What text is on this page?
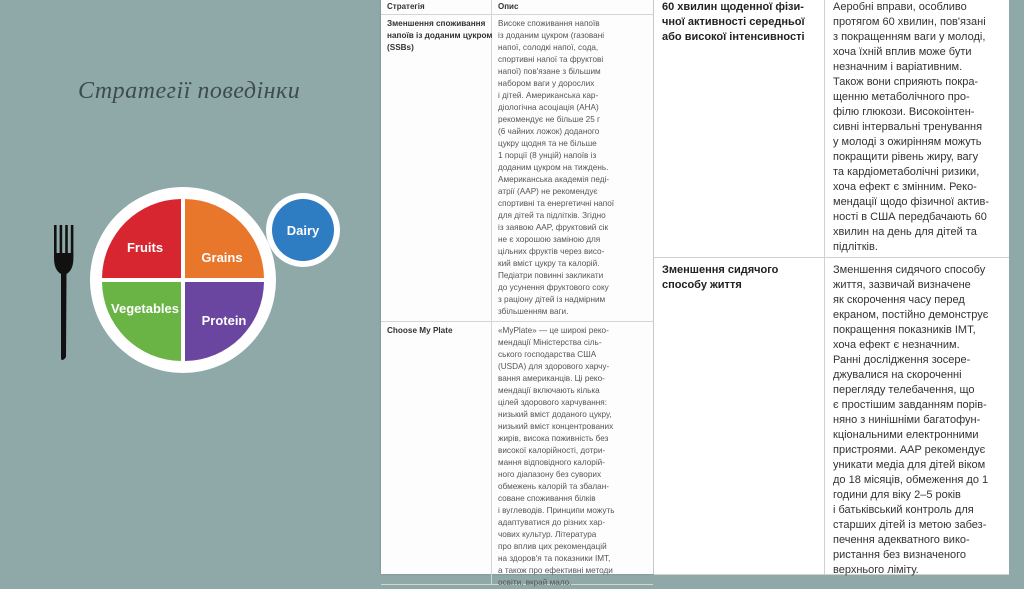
Стратегії поведінки
Fruits
Grains
Vegetables
Protein
Dairy
Стратегія	Опис
Зменшення споживання
напоїв із доданим цукром
(SSBs)
Високе споживання напоїв
із доданим цукром (газовані
напої, солодкі напої, сода,
спортивні напої та фруктові
напої) пов'язане з більшим
набором ваги у дорослих
і дітей. Американська кар-
діологічна асоціація (AHA)
рекомендує не більше 25 г
(6 чайних ложок) доданого
цукру щодня та не більше
1 порції (8 унцій) напоїв із
доданим цукром на тиждень.
Американська академія педі-
атрії (AAP) не рекомендує
спортивні та енергетичні напої
для дітей та підлітків. Згідно
із заявою AAP, фруктовий сік
не є хорошою заміною для
цільних фруктів через висо-
кий вміст цукру та калорій.
Педіатри повинні закликати
до усунення фруктового соку
з раціону дітей із надмірним
збільшенням ваги.
Choose My Plate	«MyPlate» — це широкі реко-
мендації Міністерства сіль-
ського господарства США
(USDA) для здорового харчу-
вання американців. Ці реко-
мендації включають кілька
цілей здорового харчування:
низький вміст доданого цукру,
низький вміст концентрованих
жирів, висока поживність без
високої калорійності, дотри-
мання відповідного калорій-
ного діапазону без суворих
обмежень калорій та збалан-
соване споживання білків
і вуглеводів. Принципи можуть
адаптуватися до різних хар-
чових культур. Література
про вплив цих рекомендацій
на здоров'я та показники ІМТ,
а також про ефективні методи
освіти, вкрай мало.
60 хвилин щоденної фізи-
чної активності середньої
або високої інтенсивності
Аеробні вправи, особливо
протягом 60 хвилин, пов'язані
з покращенням ваги у молоді,
хоча їхній вплив може бути
незначним і варіативним.
Також вони сприяють покра-
щенню метаболічного про-
філю глюкози. Високоінтен-
сивні інтервальні тренування
у молоді з ожирінням можуть
покращити рівень жиру, вагу
та кардіометаболічні ризики,
хоча ефект є змінним. Реко-
мендації щодо фізичної актив-
ності в США передбачають 60
хвилин на день для дітей та
підлітків.
Зменшення сидячого
способу життя
Зменшення сидячого способу
життя, зазвичай визначене
як скорочення часу перед
екраном, постійно демонструє
покращення показників ІМТ,
хоча ефект є незначним.
Ранні дослідження зосере-
джувалися на скороченні
перегляду телебачення, що
є простішим завданням порів-
няно з нинішніми багатофун-
кціональними електронними
пристроями. AAP рекомендує
уникати медіа для дітей віком
до 18 місяців, обмеження до 1
години для віку 2–5 років
і батьківський контроль для
старших дітей із метою забез-
печення адекватного вико-
ристання без визначеного
верхнього ліміту.
